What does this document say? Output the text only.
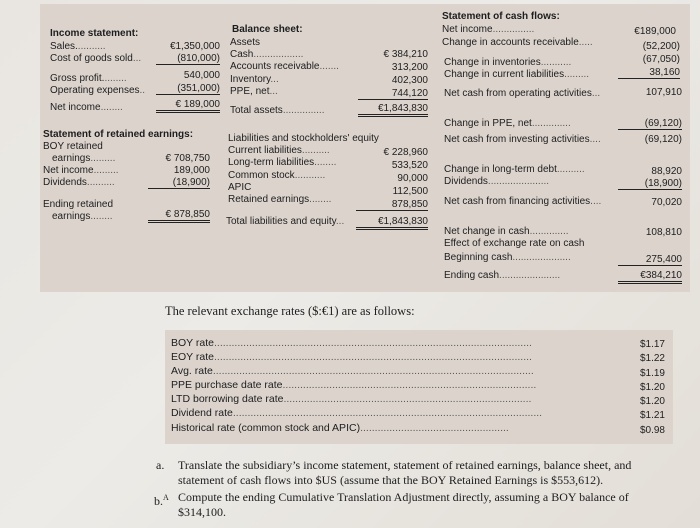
Income statement:
Sales...........	€1,350,000
Cost of goods sold...	(810,000)
Gross profit.........	540,000
Operating expenses..	(351,000)
Net income........	€ 189,000
Statement of retained earnings:
BOY retained
earnings.........	€ 708,750
Net income.........	189,000
Dividends..........	(18,900)
Ending retained
earnings........	€ 878,850
Balance sheet:
Assets
Cash..................	€ 384,210
Accounts receivable.......	313,200
Inventory...	402,300
PPE, net...	744,120
Total assets...............	€1,843,830
Liabilities and stockholders' equity
Current liabilities..........	€ 228,960
Long-term liabilities........	533,520
Common stock...........	90,000
APIC	112,500
Retained earnings........	878,850
Total liabilities and equity...	€1,843,830
Statement of cash flows:
Net income...............	€189,000
Change in accounts receivable.....	(52,200)
Change in inventories...........	(67,050)
Change in current liabilities.........	38,160
Net cash from operating activities...	107,910
Change in PPE, net..............	(69,120)
Net cash from investing activities....	(69,120)
Change in long-term debt..........	88,920
Dividends......................	(18,900)
Net cash from financing activities....	70,020
Net change in cash..............	108,810
Effect of exchange rate on cash
Beginning cash.....................	275,400
Ending cash......................	€384,210
The relevant exchange rates ($:€1) are as follows:
BOY rate.............................................................................................................	$1.17
EOY rate.............................................................................................................	$1.22
Avg. rate..............................................................................................................	$1.19
PPE purchase date rate.......................................................................................	$1.20
LTD borrowing date rate.....................................................................................	$1.20
Dividend rate..........................................................................................................	$1.21
Historical rate (common stock and APIC)...................................................	$0.98
a. Translate the subsidiary’s income statement, statement of retained earnings, balance sheet, and
statement of cash flows into $US (assume that the BOY Retained Earnings is $553,612).
b.$^A$ Compute the ending Cumulative Translation Adjustment directly, assuming a BOY balance of
$314,100.
